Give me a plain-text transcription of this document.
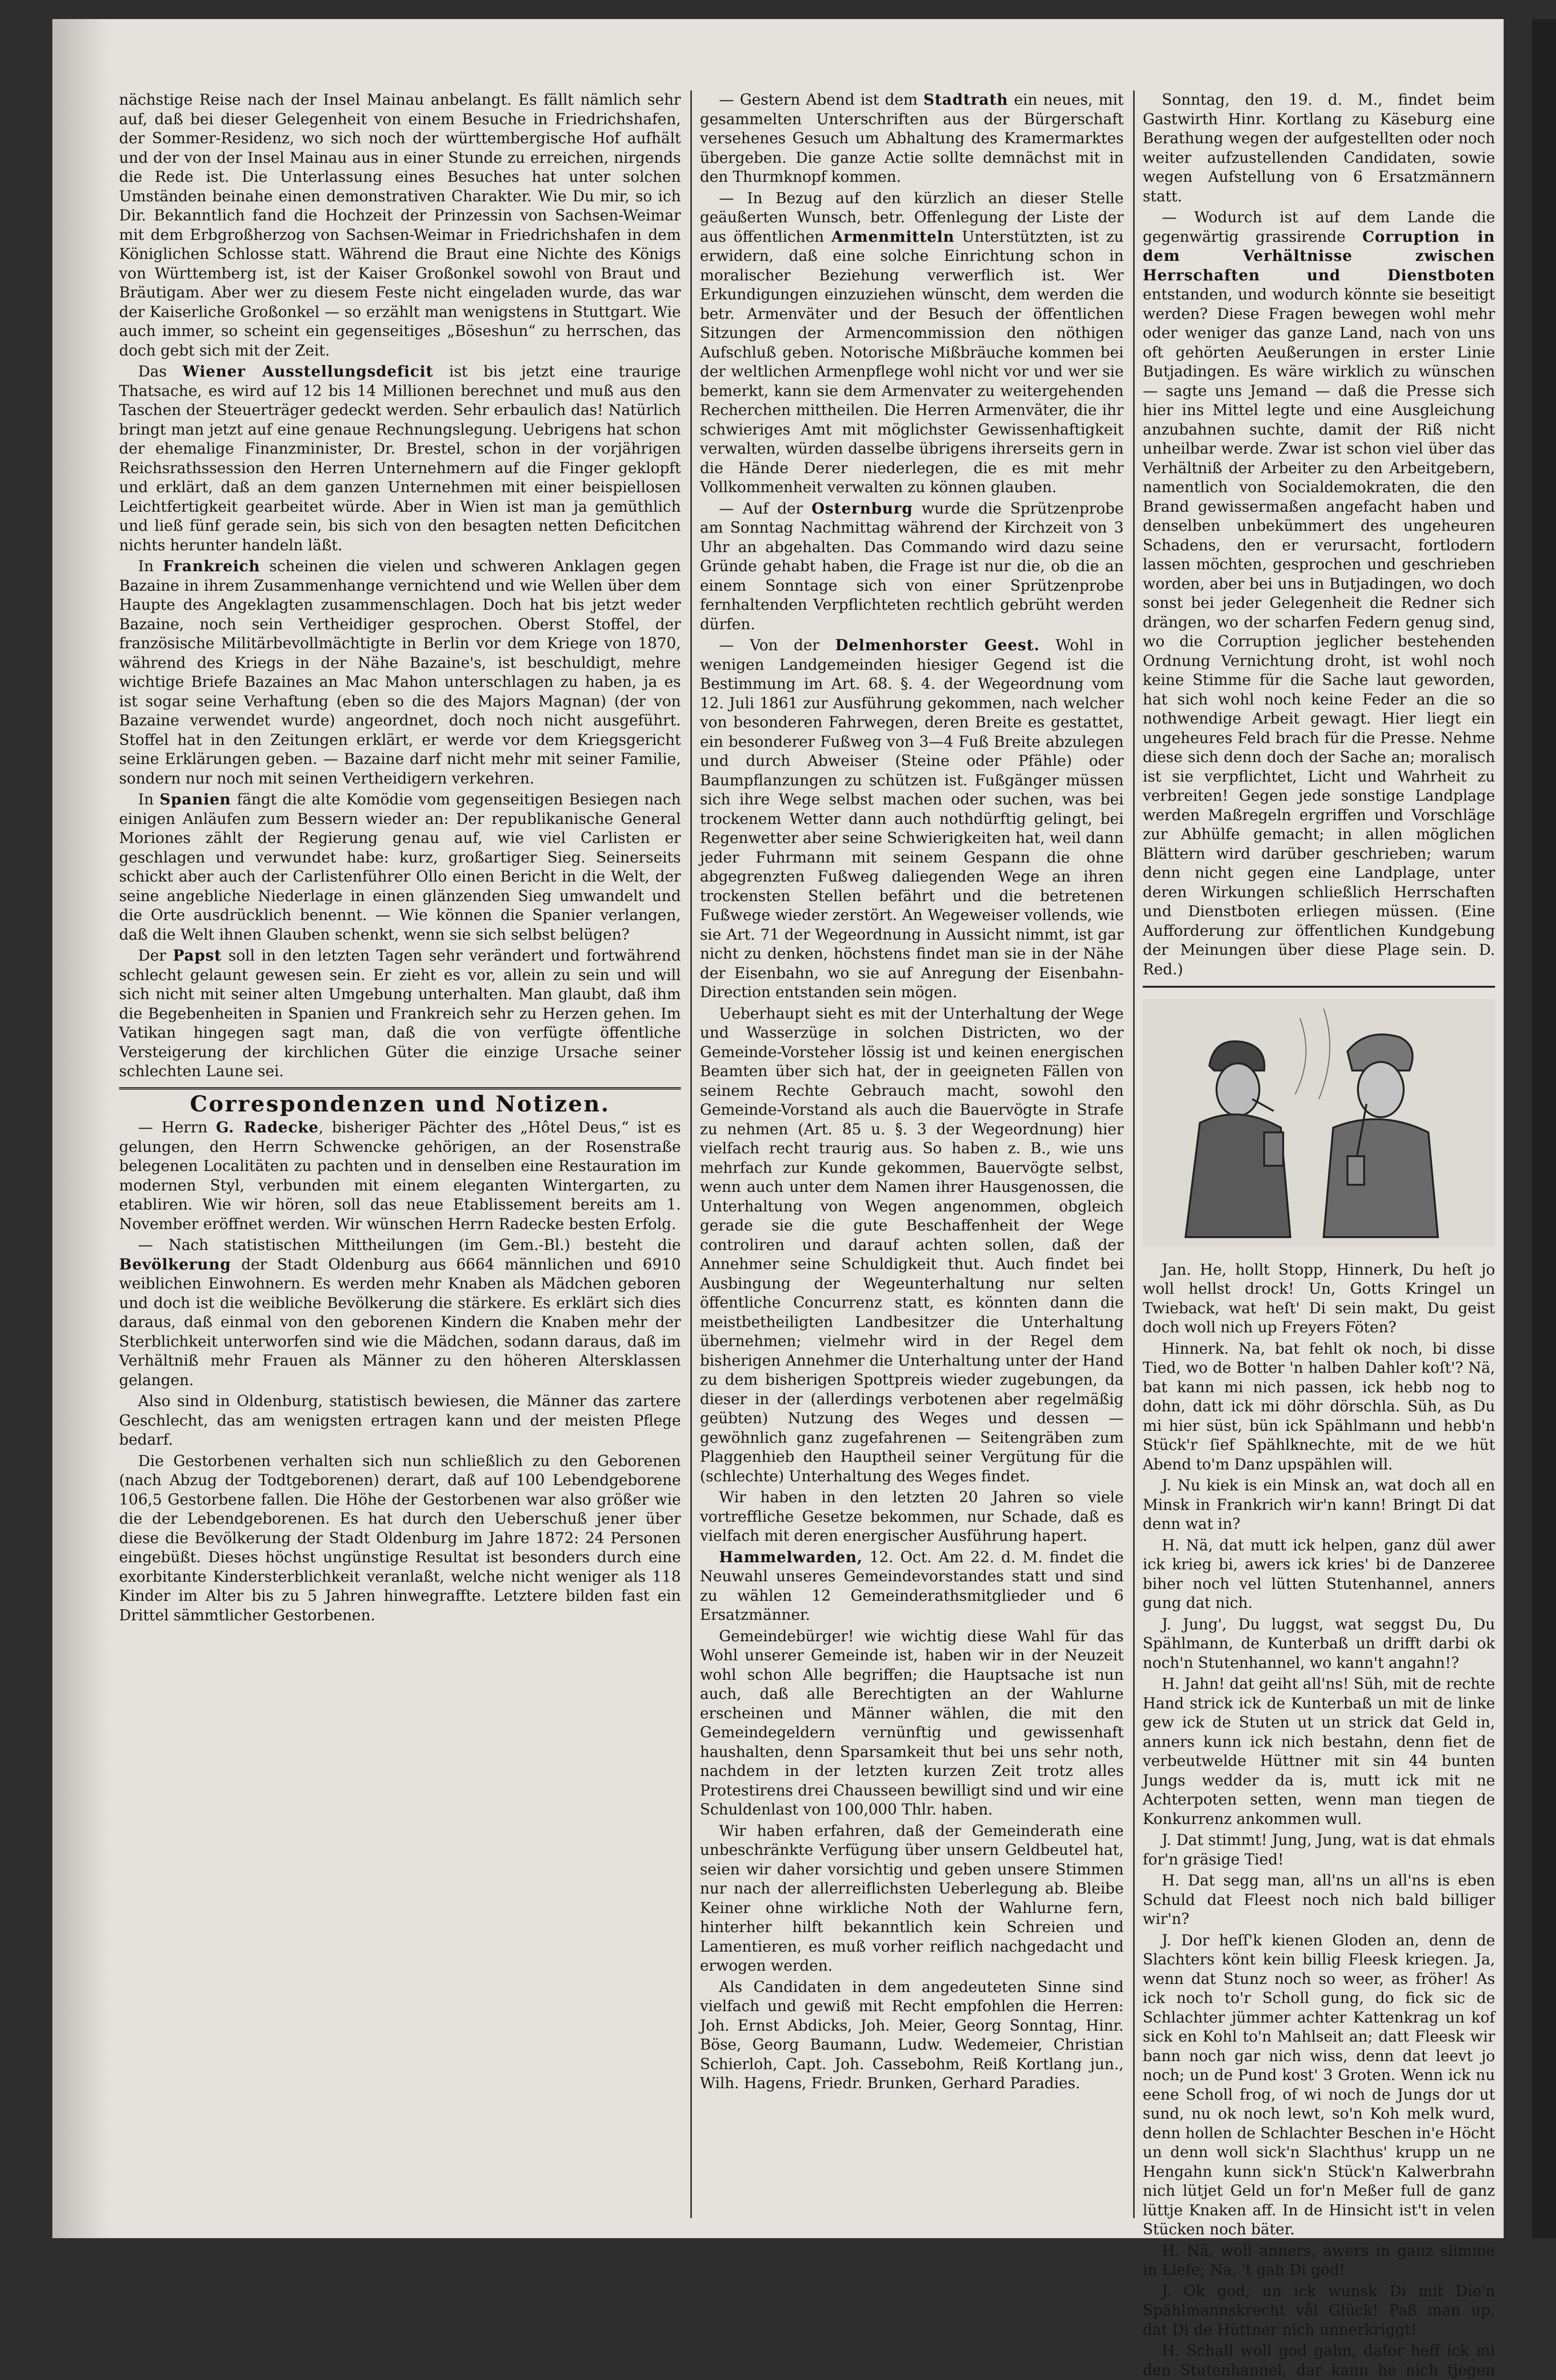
nächstige Reise nach der Insel Mainau anbelangt. Es fällt nämlich sehr auf, daß bei dieser Gelegenheit von einem Besuche in Friedrichshafen, der Sommer-Residenz, wo sich noch der württembergische Hof aufhält und der von der Insel Mainau aus in einer Stunde zu erreichen, nirgends die Rede ist. Die Unterlassung eines Besuches hat unter solchen Umständen beinahe einen demonstrativen Charakter. Wie Du mir, so ich Dir. Bekanntlich fand die Hochzeit der Prinzessin von Sachsen-Weimar mit dem Erbgroßherzog von Sachsen-Weimar in Friedrichshafen in dem Königlichen Schlosse statt. Während die Braut eine Nichte des Königs von Württemberg ist, ist der Kaiser Großonkel sowohl von Braut und Bräutigam. Aber wer zu diesem Feste nicht eingeladen wurde, das war der Kaiserliche Großonkel — so erzählt man wenigstens in Stuttgart. Wie auch immer, so scheint ein gegenseitiges „Böseshun“ zu herrschen, das doch gebt sich mit der Zeit.

Das Wiener Ausstellungsdeficit ist bis jetzt eine traurige Thatsache, es wird auf 12 bis 14 Millionen berechnet und muß aus den Taschen der Steuerträger gedeckt werden. Sehr erbaulich das! Natürlich bringt man jetzt auf eine genaue Rechnungslegung. Uebrigens hat schon der ehemalige Finanzminister, Dr. Brestel, schon in der vorjährigen Reichsrathssession den Herren Unternehmern auf die Finger geklopft und erklärt, daß an dem ganzen Unternehmen mit einer beispiellosen Leichtfertigkeit gearbeitet würde. Aber in Wien ist man ja gemüthlich und ließ fünf gerade sein, bis sich von den besagten netten Deficitchen nichts herunter handeln läßt.

In Frankreich scheinen die vielen und schweren Anklagen gegen Bazaine in ihrem Zusammenhange vernichtend und wie Wellen über dem Haupte des Angeklagten zusammenschlagen. Doch hat bis jetzt weder Bazaine, noch sein Vertheidiger gesprochen. Oberst Stoffel, der französische Militärbevollmächtigte in Berlin vor dem Kriege von 1870, während des Kriegs in der Nähe Bazaine's, ist beschuldigt, mehre wichtige Briefe Bazaines an Mac Mahon unterschlagen zu haben, ja es ist sogar seine Verhaftung (eben so die des Majors Magnan) (der von Bazaine verwendet wurde) angeordnet, doch noch nicht ausgeführt. Stoffel hat in den Zeitungen erklärt, er werde vor dem Kriegsgericht seine Erklärungen geben. — Bazaine darf nicht mehr mit seiner Familie, sondern nur noch mit seinen Vertheidigern verkehren.

In Spanien fängt die alte Komödie vom gegenseitigen Besiegen nach einigen Anläufen zum Bessern wieder an: Der republikanische General Moriones zählt der Regierung genau auf, wie viel Carlisten er geschlagen und verwundet habe: kurz, großartiger Sieg. Seinerseits schickt aber auch der Carlistenführer Ollo einen Bericht in die Welt, der seine angebliche Niederlage in einen glänzenden Sieg umwandelt und die Orte ausdrücklich benennt. — Wie können die Spanier verlangen, daß die Welt ihnen Glauben schenkt, wenn sie sich selbst belügen?

Der Papst soll in den letzten Tagen sehr verändert und fortwährend schlecht gelaunt gewesen sein. Er zieht es vor, allein zu sein und will sich nicht mit seiner alten Umgebung unterhalten. Man glaubt, daß ihm die Begebenheiten in Spanien und Frankreich sehr zu Herzen gehen. Im Vatikan hingegen sagt man, daß die von verfügte öffentliche Versteigerung der kirchlichen Güter die einzige Ursache seiner schlechten Laune sei.

Correspondenzen und Notizen.

— Herrn G. Radecke, bisheriger Pächter des „Hôtel Deus,“ ist es gelungen, den Herrn Schwencke gehörigen, an der Rosenstraße belegenen Localitäten zu pachten und in denselben eine Restauration im modernen Styl, verbunden mit einem eleganten Wintergarten, zu etabliren. Wie wir hören, soll das neue Etablissement bereits am 1. November eröffnet werden. Wir wünschen Herrn Radecke besten Erfolg.

— Nach statistischen Mittheilungen (im Gem.-Bl.) besteht die Bevölkerung der Stadt Oldenburg aus 6664 männlichen und 6910 weiblichen Einwohnern. Es werden mehr Knaben als Mädchen geboren und doch ist die weibliche Bevölkerung die stärkere. Es erklärt sich dies daraus, daß einmal von den geborenen Kindern die Knaben mehr der Sterblichkeit unterworfen sind wie die Mädchen, sodann daraus, daß im Verhältniß mehr Frauen als Männer zu den höheren Altersklassen gelangen.

Also sind in Oldenburg, statistisch bewiesen, die Männer das zartere Geschlecht, das am wenigsten ertragen kann und der meisten Pflege bedarf.

Die Gestorbenen verhalten sich nun schließlich zu den Geborenen (nach Abzug der Todtgeborenen) derart, daß auf 100 Lebendgeborene 106,5 Gestorbene fallen. Die Höhe der Gestorbenen war also größer wie die der Lebendgeborenen. Es hat durch den Ueberschuß jener über diese die Bevölkerung der Stadt Oldenburg im Jahre 1872: 24 Personen eingebüßt. Dieses höchst ungünstige Resultat ist besonders durch eine exorbitante Kindersterblichkeit veranlaßt, welche nicht weniger als 118 Kinder im Alter bis zu 5 Jahren hinwegraffte. Letztere bilden fast ein Drittel sämmtlicher Gestorbenen.

— Gestern Abend ist dem Stadtrath ein neues, mit gesammelten Unterschriften aus der Bürgerschaft versehenes Gesuch um Abhaltung des Kramermarktes übergeben. Die ganze Actie sollte demnächst mit in den Thurmknopf kommen.

— In Bezug auf den kürzlich an dieser Stelle geäußerten Wunsch, betr. Offenlegung der Liste der aus öffentlichen Armenmitteln Unterstützten, ist zu erwidern, daß eine solche Einrichtung schon in moralischer Beziehung verwerflich ist. Wer Erkundigungen einzuziehen wünscht, dem werden die betr. Armenväter und der Besuch der öffentlichen Sitzungen der Armencommission den nöthigen Aufschluß geben. Notorische Mißbräuche kommen bei der weltlichen Armenpflege wohl nicht vor und wer sie bemerkt, kann sie dem Armenvater zu weitergehenden Recherchen mittheilen. Die Herren Armenväter, die ihr schwieriges Amt mit möglichster Gewissenhaftigkeit verwalten, würden dasselbe übrigens ihrerseits gern in die Hände Derer niederlegen, die es mit mehr Vollkommenheit verwalten zu können glauben.

— Auf der Osternburg wurde die Sprützenprobe am Sonntag Nachmittag während der Kirchzeit von 3 Uhr an abgehalten. Das Commando wird dazu seine Gründe gehabt haben, die Frage ist nur die, ob die an einem Sonntage sich von einer Sprützenprobe fernhaltenden Verpflichteten rechtlich gebrüht werden dürfen.

— Von der Delmenhorster Geest. Wohl in wenigen Landgemeinden hiesiger Gegend ist die Bestimmung im Art. 68. §. 4. der Wegeordnung vom 12. Juli 1861 zur Ausführung gekommen, nach welcher von besonderen Fahrwegen, deren Breite es gestattet, ein besonderer Fußweg von 3—4 Fuß Breite abzulegen und durch Abweiser (Steine oder Pfähle) oder Baumpflanzungen zu schützen ist. Fußgänger müssen sich ihre Wege selbst machen oder suchen, was bei trockenem Wetter dann auch nothdürftig gelingt, bei Regenwetter aber seine Schwierigkeiten hat, weil dann jeder Fuhrmann mit seinem Gespann die ohne abgegrenzten Fußweg daliegenden Wege an ihren trockensten Stellen befährt und die betretenen Fußwege wieder zerstört. An Wegeweiser vollends, wie sie Art. 71 der Wegeordnung in Aussicht nimmt, ist gar nicht zu denken, höchstens findet man sie in der Nähe der Eisenbahn, wo sie auf Anregung der Eisenbahn-Direction entstanden sein mögen.

Ueberhaupt sieht es mit der Unterhaltung der Wege und Wasserzüge in solchen Districten, wo der Gemeinde-Vorsteher lössig ist und keinen energischen Beamten über sich hat, der in geeigneten Fällen von seinem Rechte Gebrauch macht, sowohl den Gemeinde-Vorstand als auch die Bauervögte in Strafe zu nehmen (Art. 85 u. §. 3 der Wegeordnung) hier vielfach recht traurig aus. So haben z. B., wie uns mehrfach zur Kunde gekommen, Bauervögte selbst, wenn auch unter dem Namen ihrer Hausgenossen, die Unterhaltung von Wegen angenommen, obgleich gerade sie die gute Beschaffenheit der Wege controliren und darauf achten sollen, daß der Annehmer seine Schuldigkeit thut. Auch findet bei Ausbingung der Wegeunterhaltung nur selten öffentliche Concurrenz statt, es könnten dann die meistbetheiligten Landbesitzer die Unterhaltung übernehmen; vielmehr wird in der Regel dem bisherigen Annehmer die Unterhaltung unter der Hand zu dem bisherigen Spottpreis wieder zugebungen, da dieser in der (allerdings verbotenen aber regelmäßig geübten) Nutzung des Weges und dessen — gewöhnlich ganz zugefahrenen — Seitengräben zum Plaggenhieb den Hauptheil seiner Vergütung für die (schlechte) Unterhaltung des Weges findet.

Wir haben in den letzten 20 Jahren so viele vortreffliche Gesetze bekommen, nur Schade, daß es vielfach mit deren energischer Ausführung hapert.

Hammelwarden, 12. Oct. Am 22. d. M. findet die Neuwahl unseres Gemeindevorstandes statt und sind zu wählen 12 Gemeinderathsmitglieder und 6 Ersatzmänner.

Gemeindebürger! wie wichtig diese Wahl für das Wohl unserer Gemeinde ist, haben wir in der Neuzeit wohl schon Alle begriffen; die Hauptsache ist nun auch, daß alle Berechtigten an der Wahlurne erscheinen und Männer wählen, die mit den Gemeindegeldern vernünftig und gewissenhaft haushalten, denn Sparsamkeit thut bei uns sehr noth, nachdem in der letzten kurzen Zeit trotz alles Protestirens drei Chausseen bewilligt sind und wir eine Schuldenlast von 100,000 Thlr. haben.

Wir haben erfahren, daß der Gemeinderath eine unbeschränkte Verfügung über unsern Geldbeutel hat, seien wir daher vorsichtig und geben unsere Stimmen nur nach der allerreiflichsten Ueberlegung ab. Bleibe Keiner ohne wirkliche Noth der Wahlurne fern, hinterher hilft bekanntlich kein Schreien und Lamentieren, es muß vorher reiflich nachgedacht und erwogen werden.

Als Candidaten in dem angedeuteten Sinne sind vielfach und gewiß mit Recht empfohlen die Herren: Joh. Ernst Abdicks, Joh. Meier, Georg Sonntag, Hinr. Böse, Georg Baumann, Ludw. Wedemeier, Christian Schierloh, Capt. Joh. Cassebohm, Reiß Kortlang jun., Wilh. Hagens, Friedr. Brunken, Gerhard Paradies.

Sonntag, den 19. d. M., findet beim Gastwirth Hinr. Kortlang zu Käseburg eine Berathung wegen der aufgestellten oder noch weiter aufzustellenden Candidaten, sowie wegen Aufstellung von 6 Ersatzmännern statt.

— Wodurch ist auf dem Lande die gegenwärtig grassirende Corruption in dem Verhältnisse zwischen Herrschaften und Dienstboten entstanden, und wodurch könnte sie beseitigt werden? Diese Fragen bewegen wohl mehr oder weniger das ganze Land, nach von uns oft gehörten Aeußerungen in erster Linie Butjadingen. Es wäre wirklich zu wünschen — sagte uns Jemand — daß die Presse sich hier ins Mittel legte und eine Ausgleichung anzubahnen suchte, damit der Riß nicht unheilbar werde. Zwar ist schon viel über das Verhältniß der Arbeiter zu den Arbeitgebern, namentlich von Socialdemokraten, die den Brand gewissermaßen angefacht haben und denselben unbekümmert des ungeheuren Schadens, den er verursacht, fortlodern lassen möchten, gesprochen und geschrieben worden, aber bei uns in Butjadingen, wo doch sonst bei jeder Gelegenheit die Redner sich drängen, wo der scharfen Federn genug sind, wo die Corruption jeglicher bestehenden Ordnung Vernichtung droht, ist wohl noch keine Stimme für die Sache laut geworden, hat sich wohl noch keine Feder an die so nothwendige Arbeit gewagt. Hier liegt ein ungeheures Feld brach für die Presse. Nehme diese sich denn doch der Sache an; moralisch ist sie verpflichtet, Licht und Wahrheit zu verbreiten! Gegen jede sonstige Landplage werden Maßregeln ergriffen und Vorschläge zur Abhülfe gemacht; in allen möglichen Blättern wird darüber geschrieben; warum denn nicht gegen eine Landplage, unter deren Wirkungen schließlich Herrschaften und Dienstboten erliegen müssen. (Eine Aufforderung zur öffentlichen Kundgebung der Meinungen über diese Plage sein. D. Red.)

Jan. He, hollt Stopp, Hinnerk, Du heſt jo woll hellst drock! Un, Gotts Kringel un Twieback, wat heſt' Di sein makt, Du geist doch woll nich up Freyers Föten?

Hinnerk. Na, bat fehlt ok noch, bi disse Tied, wo de Botter 'n halben Dahler koſt'? Nä, bat kann mi nich passen, ick hebb nog to dohn, datt ick mi döhr dörschla. Süh, as Du mi hier süst, bün ick Spählmann und hebb'n Stück'r ſief Spählknechte, mit de we hüt Abend to'm Danz upspählen will.

J. Nu kiek is ein Minsk an, wat doch all en Minsk in Frankrich wir'n kann! Bringt Di dat denn wat in?

H. Nä, dat mutt ick helpen, ganz dül awer ick krieg bi, awers ick kries' bi de Danzeree biher noch vel lütten Stutenhannel, anners gung dat nich.

J. Jung', Du luggst, wat seggst Du, Du Spählmann, de Kunterbaß un drifft darbi ok noch'n Stutenhannel, wo kann't angahn!?

H. Jahn! dat geiht all'ns! Süh, mit de rechte Hand strick ick de Kunterbaß un mit de linke gew ick de Stuten ut un strick dat Geld in, anners kunn ick nich bestahn, denn fiet de verbeutwelde Hüttner mit sin 44 bunten Jungs wedder da is, mutt ick mit ne Achterpoten setten, wenn man tiegen de Konkurrenz ankommen wull.

J. Dat stimmt! Jung, Jung, wat is dat ehmals for'n gräsige Tied!

H. Dat segg man, all'ns un all'ns is eben Schuld dat Fleest noch nich bald billiger wir'n?

J. Dor heſſ'k kienen Gloden an, denn de Slachters könt kein billig Fleesk kriegen. Ja, wenn dat Stunz noch so weer, as fröher! As ick noch to'r Scholl gung, do fick sic de Schlachter jümmer achter Kattenkrag un kof sick en Kohl to'n Mahlseit an; datt Fleesk wir bann noch gar nich wiss, denn dat leevt jo noch; un de Pund kost' 3 Groten. Wenn ick nu eene Scholl frog, of wi noch de Jungs dor ut sund, nu ok noch lewt, so'n Koh melk wurd, denn hollen de Schlachter Beschen in'e Höcht un denn woll sick'n Slachthus' krupp un ne Hengahn kunn sick'n Stück'n Kalwerbrahn nich lütjet Geld un for'n Meßer full de ganz lüttje Knaken aff. In de Hinsicht ist't in velen Stücken noch bäter.

H. Nä, woll anners, awers in ganz slimme in Liefe; Na, 't gah Di god!

J. Ok god, un ick wunsk Di mit Die'n Spählmannskrecht vål Glück! Paß man up, dat Di de Hüttner nich unnerkriggt!

H. Schall woll god gahn, dafor heff ick mi den Stutenhannel, dar kann he nich tjegen
